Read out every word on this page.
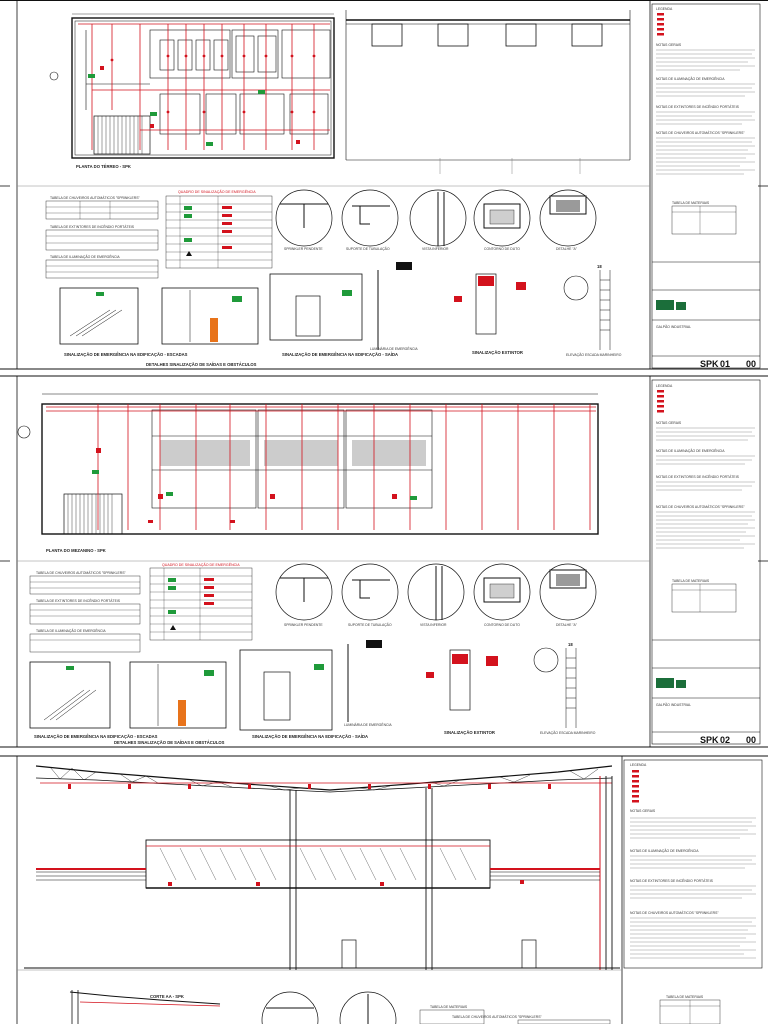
PLANTA DO TÉRREO - SPK
TABELA DE CHUVEIROS AUTOMÁTICOS "SPRINKLERS"
TABELA DE EXTINTORES DE INCÊNDIO PORTÁTEIS
TABELA DE ILUMINAÇÃO DE EMERGÊNCIA
QUADRO DE SINALIZAÇÃO DE EMERGÊNCIA
SPRINKLER PENDENTE	SUPORTE DE TUBULAÇÃO	VISTA INFERIOR	CONTORNO DE DUTO	DETALHE "A"
SINALIZAÇÃO DE EMERGÊNCIA NA EDIFICAÇÃO - ESCADAS
DETALHES SINALIZAÇÃO DE SAÍDAS E OBSTÁCULOS
SINALIZAÇÃO DE EMERGÊNCIA NA EDIFICAÇÃO - SAÍDA
LUMINÁRIA DE EMERGÊNCIA
SINALIZAÇÃO EXTINTOR
18
ELEVAÇÃO ESCADA MARINHEIRO
LEGENDA
NOTAS GERAIS
NOTAS DE ILUMINAÇÃO DE EMERGÊNCIA
NOTAS DE EXTINTORES DE INCÊNDIO PORTÁTEIS
NOTAS DE CHUVEIROS AUTOMÁTICOS "SPRINKLERS"
TABELA DE MATERIAIS
GALPÃO INDUSTRIAL
SPK 01 00
PLANTA DO MEZANINO - SPK
TABELA DE CHUVEIROS AUTOMÁTICOS "SPRINKLERS"
TABELA DE EXTINTORES DE INCÊNDIO PORTÁTEIS
TABELA DE ILUMINAÇÃO DE EMERGÊNCIA
QUADRO DE SINALIZAÇÃO DE EMERGÊNCIA
SPRINKLER PENDENTE	SUPORTE DE TUBULAÇÃO	VISTA INFERIOR	CONTORNO DE DUTO	DETALHE "A"
SINALIZAÇÃO DE EMERGÊNCIA NA EDIFICAÇÃO - ESCADAS
DETALHES SINALIZAÇÃO DE SAÍDAS E OBSTÁCULOS
SINALIZAÇÃO DE EMERGÊNCIA NA EDIFICAÇÃO - SAÍDA
LUMINÁRIA DE EMERGÊNCIA
SINALIZAÇÃO EXTINTOR
18
ELEVAÇÃO ESCADA MARINHEIRO
LEGENDA
NOTAS GERAIS
NOTAS DE ILUMINAÇÃO DE EMERGÊNCIA
NOTAS DE EXTINTORES DE INCÊNDIO PORTÁTEIS
NOTAS DE CHUVEIROS AUTOMÁTICOS "SPRINKLERS"
TABELA DE MATERIAIS
GALPÃO INDUSTRIAL
SPK 02 00
CORTE AA - SPK
TABELA DE MATERIAIS
TABELA DE CHUVEIROS AUTOMÁTICOS "SPRINKLERS"
TABELA DE MATERIAIS
LEGENDA
NOTAS GERAIS
NOTAS DE ILUMINAÇÃO DE EMERGÊNCIA
NOTAS DE EXTINTORES DE INCÊNDIO PORTÁTEIS
NOTAS DE CHUVEIROS AUTOMÁTICOS "SPRINKLERS"
